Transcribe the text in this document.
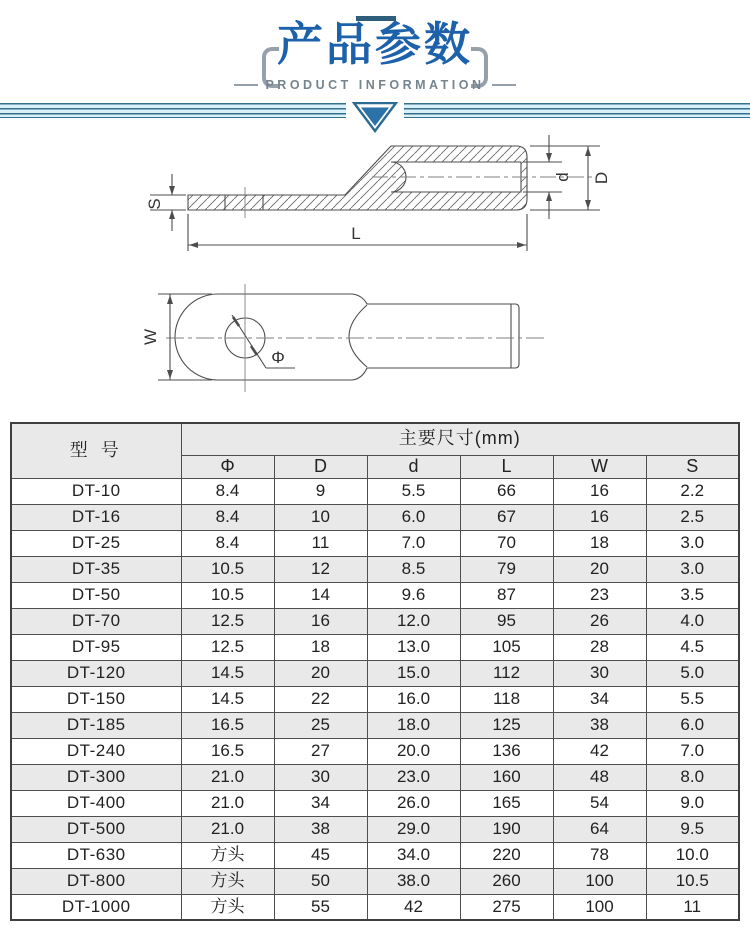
产品参数
PRODUCT INFORMATION
S
L
d D
Φ
W
型 号	主要尺寸(mm)					
	Φ	D	d	L	W	S
DT-10	8.4	9	5.5	66	16	2.2
DT-16	8.4	10	6.0	67	16	2.5
DT-25	8.4	11	7.0	70	18	3.0
DT-35	10.5	12	8.5	79	20	3.0
DT-50	10.5	14	9.6	87	23	3.5
DT-70	12.5	16	12.0	95	26	4.0
DT-95	12.5	18	13.0	105	28	4.5
DT-120	14.5	20	15.0	112	30	5.0
DT-150	14.5	22	16.0	118	34	5.5
DT-185	16.5	25	18.0	125	38	6.0
DT-240	16.5	27	20.0	136	42	7.0
DT-300	21.0	30	23.0	160	48	8.0
DT-400	21.0	34	26.0	165	54	9.0
DT-500	21.0	38	29.0	190	64	9.5
DT-630	方头	45	34.0	220	78	10.0
DT-800	方头	50	38.0	260	100	10.5
DT-1000	方头	55	42	275	100	11
